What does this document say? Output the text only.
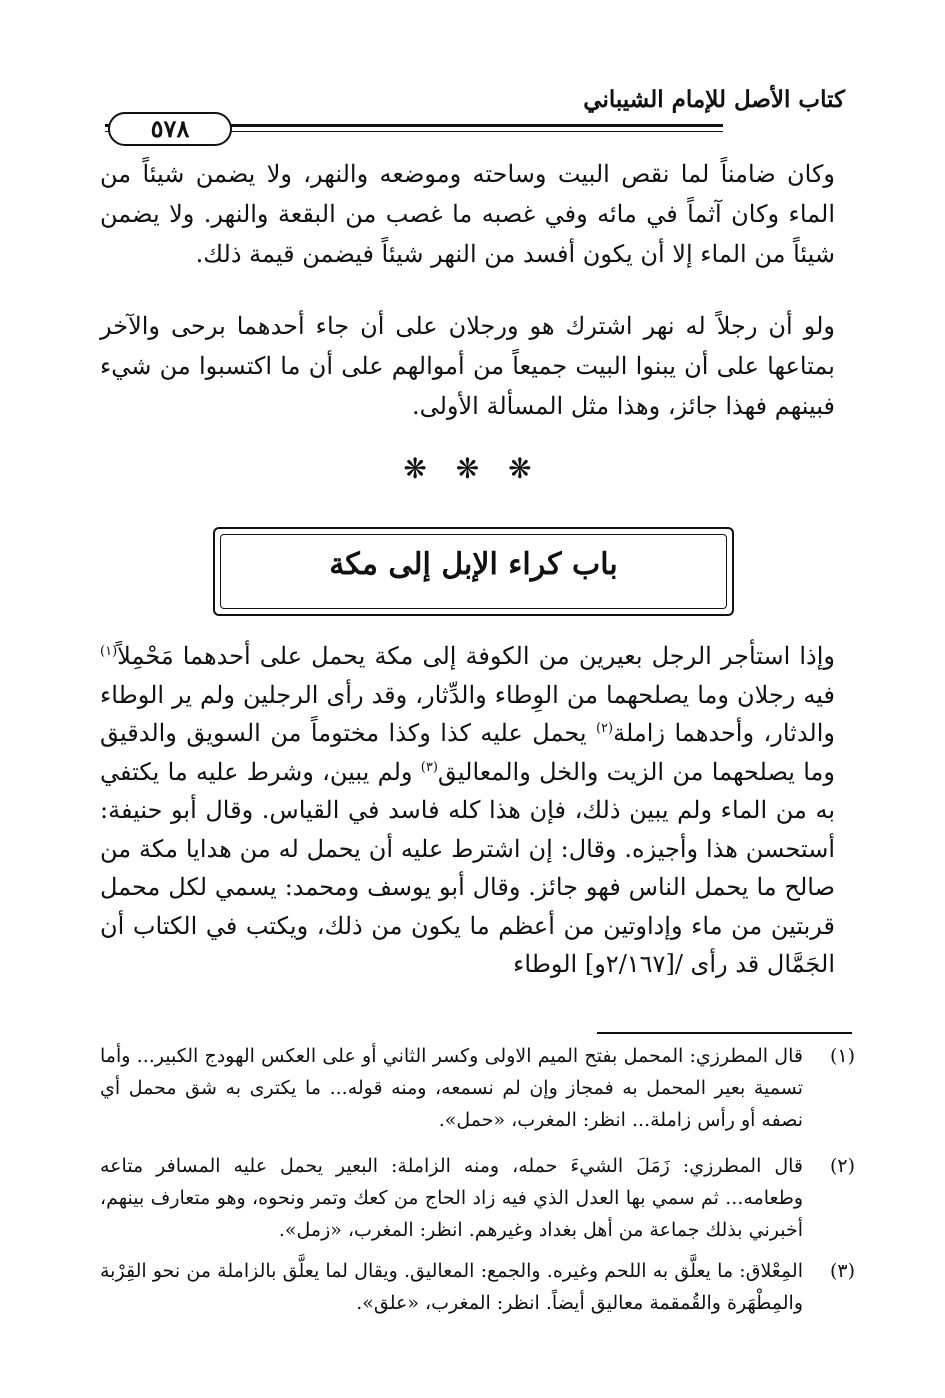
كتاب الأصل للإمام الشيباني
٥٧٨

وكان ضامناً لما نقص البيت وساحته وموضعه والنهر، ولا يضمن شيئاً من الماء وكان آثماً في مائه وفي غصبه ما غصب من البقعة والنهر. ولا يضمن شيئاً من الماء إلا أن يكون أفسد من النهر شيئاً فيضمن قيمة ذلك.

ولو أن رجلاً له نهر اشترك هو ورجلان على أن جاء أحدهما برحى والآخر بمتاعها على أن يبنوا البيت جميعاً من أموالهم على أن ما اكتسبوا من شيء فبينهم فهذا جائز، وهذا مثل المسألة الأولى.

❋ ❋ ❋
باب كراء الإبل إلى مكة

وإذا استأجر الرجل بعيرين من الكوفة إلى مكة يحمل على أحدهما مَحْمِلاً$^{(١)}$ فيه رجلان وما يصلحهما من الوِطاء والدِّثار، وقد رأى الرجلين ولم ير الوطاء والدثار، وأحدهما زاملة$^{(٢)}$ يحمل عليه كذا وكذا مختوماً من السويق والدقيق وما يصلحهما من الزيت والخل والمعاليق$^{(٣)}$ ولم يبين، وشرط عليه ما يكتفي به من الماء ولم يبين ذلك، فإن هذا كله فاسد في القياس. وقال أبو حنيفة: أستحسن هذا وأجيزه. وقال: إن اشترط عليه أن يحمل له من هدايا مكة من صالح ما يحمل الناس فهو جائز. وقال أبو يوسف ومحمد: يسمي لكل محمل قربتين من ماء وإداوتين من أعظم ما يكون من ذلك، ويكتب في الكتاب أن الجَمَّال قد رأى /[٢/١٦٧و] الوطاء

(١)
قال المطرزي: المحمل بفتح الميم الاولى وكسر الثاني أو على العكس الهودج الكبير... وأما تسمية بعير المحمل به فمجاز وإن لم نسمعه، ومنه قوله... ما يكترى به شق محمل أي نصفه أو رأس زاملة... انظر: المغرب، «حمل».
(٢)
قال المطرزي: زَمَلَ الشيءَ حمله، ومنه الزاملة: البعير يحمل عليه المسافر متاعه وطعامه... ثم سمي بها العدل الذي فيه زاد الحاج من كعك وتمر ونحوه، وهو متعارف بينهم، أخبرني بذلك جماعة من أهل بغداد وغيرهم. انظر: المغرب، «زمل».
(٣)
المِعْلاق: ما يعلَّق به اللحم وغيره. والجمع: المعاليق. ويقال لما يعلَّق بالزاملة من نحو القِرْبة والمِطْهَرة والقُمقمة معاليق أيضاً. انظر: المغرب، «علق».
